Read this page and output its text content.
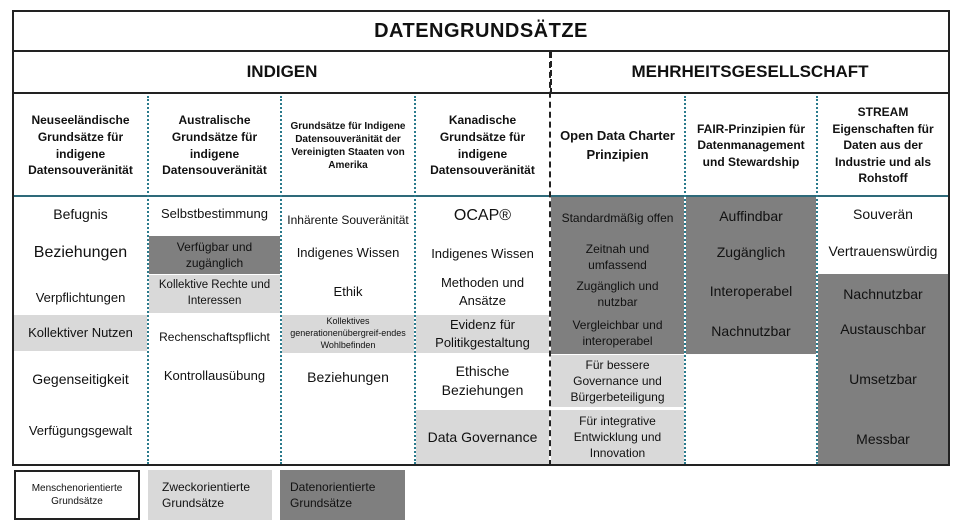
DATENGRUNDSÄTZE
INDIGEN	MEHRHEITSGESELLSCHAFT
Neuseeländische Grundsätze für indigene Datensouveränität
Australische Grundsätze für indigene Datensouveränität
Grundsätze für Indigene Datensouveränität der Vereinigten Staaten von Amerika
Kanadische Grundsätze für indigene Datensouveränität
Open Data Charter Prinzipien
FAIR-Prinzipien für Datenmanagement und Stewardship
STREAM Eigenschaften für Daten aus der Industrie und als Rohstoff
Befugnis
Beziehungen
Verpflichtungen
Kollektiver Nutzen
Gegenseitigkeit
Verfügungsgewalt
Selbstbestimmung
Verfügbar und zugänglich
Kollektive Rechte und Interessen
Rechenschaftspflicht
Kontrollausübung
Inhärente Souveränität
Indigenes Wissen
Ethik
Kollektives generationenübergreif-endes Wohlbefinden
Beziehungen
OCAP®
Indigenes Wissen
Methoden und Ansätze
Evidenz für Politikgestaltung
Ethische Beziehungen
Data Governance
Standardmäßig offen
Zeitnah und umfassend
Zugänglich und nutzbar
Vergleichbar und interoperabel
Für bessere Governance und Bürgerbeteiligung
Für integrative Entwicklung und Innovation
Auffindbar
Zugänglich
Interoperabel
Nachnutzbar
Souverän
Vertrauenswürdig
Nachnutzbar
Austauschbar
Umsetzbar
Messbar
Menschenorientierte Grundsätze
Zweckorientierte Grundsätze
Datenorientierte Grundsätze
